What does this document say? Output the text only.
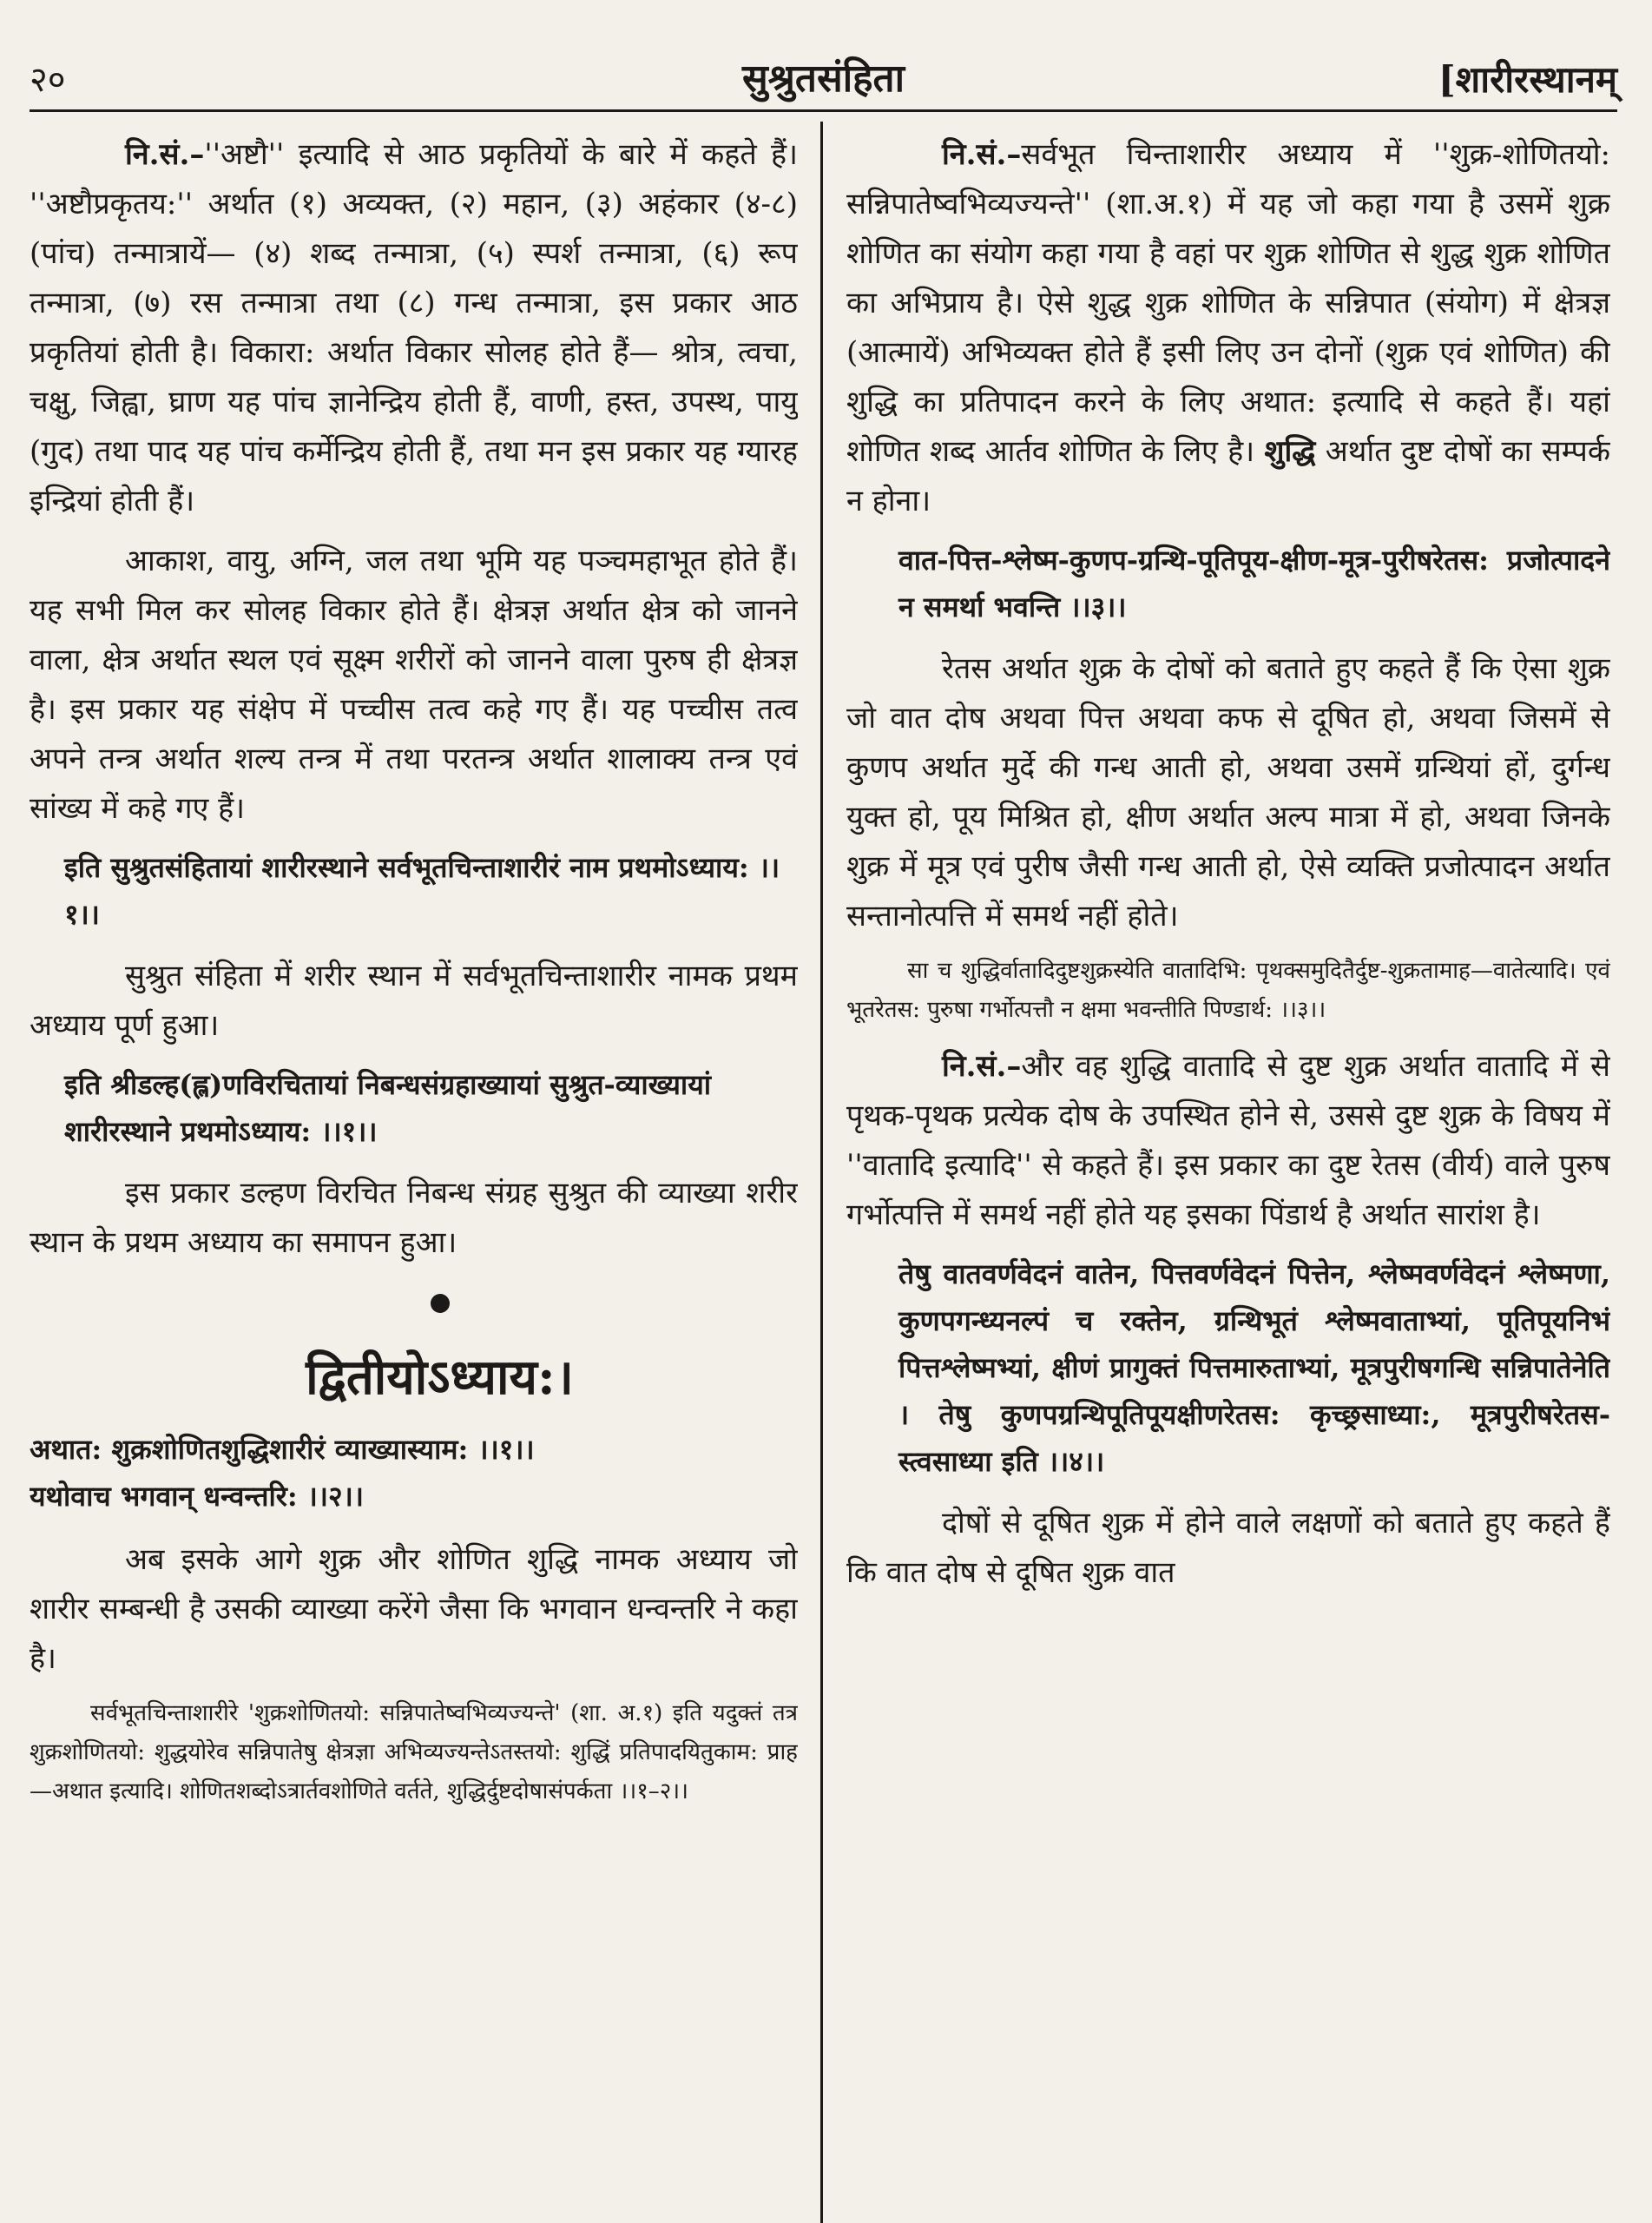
२०	सुश्रुतसंहिता	[शारीरस्थानम्

नि.सं.–''अष्टौ'' इत्यादि से आठ प्रकृतियों के बारे में कहते हैं। ''अष्टौप्रकृतय:'' अर्थात (१) अव्यक्त, (२) महान, (३) अहंकार (४-८) (पांच) तन्मात्रायें— (४) शब्द तन्मात्रा, (५) स्पर्श तन्मात्रा, (६) रूप तन्मात्रा, (७) रस तन्मात्रा तथा (८) गन्ध तन्मात्रा, इस प्रकार आठ प्रकृतियां होती है। विकारा: अर्थात विकार सोलह होते हैं— श्रोत्र, त्वचा, चक्षु, जिह्वा, घ्राण यह पांच ज्ञानेन्द्रिय होती हैं, वाणी, हस्त, उपस्थ, पायु (गुद) तथा पाद यह पांच कर्मेन्द्रिय होती हैं, तथा मन इस प्रकार यह ग्यारह इन्द्रियां होती हैं।

आकाश, वायु, अग्नि, जल तथा भूमि यह पञ्चमहाभूत होते हैं। यह सभी मिल कर सोलह विकार होते हैं। क्षेत्रज्ञ अर्थात क्षेत्र को जानने वाला, क्षेत्र अर्थात स्थल एवं सूक्ष्म शरीरों को जानने वाला पुरुष ही क्षेत्रज्ञ है। इस प्रकार यह संक्षेप में पच्चीस तत्व कहे गए हैं। यह पच्चीस तत्व अपने तन्त्र अर्थात शल्य तन्त्र में तथा परतन्त्र अर्थात शालाक्य तन्त्र एवं सांख्य में कहे गए हैं।

इति सुश्रुतसंहितायां शारीरस्थाने सर्वभूतचिन्ताशारीरं नाम प्रथमोऽध्याय: ।।१।।

सुश्रुत संहिता में शरीर स्थान में सर्वभूतचिन्ताशारीर नामक प्रथम अध्याय पूर्ण हुआ।

इति श्रीडल्ह(ह्ल)णविरचितायां निबन्धसंग्रहाख्यायां सुश्रुत-व्याख्यायां शारीरस्थाने प्रथमोऽध्याय: ।।१।।

इस प्रकार डल्हण विरचित निबन्ध संग्रह सुश्रुत की व्याख्या शरीर स्थान के प्रथम अध्याय का समापन हुआ।

द्वितीयोऽध्याय:।
अथात: शुक्रशोणितशुद्धिशारीरं व्याख्यास्याम: ।।१।।
यथोवाच भगवान् धन्वन्तरि: ।।२।।

अब इसके आगे शुक्र और शोणित शुद्धि नामक अध्याय जो शारीर सम्बन्धी है उसकी व्याख्या करेंगे जैसा कि भगवान धन्वन्तरि ने कहा है।

सर्वभूतचिन्ताशारीरे 'शुक्रशोणितयो: सन्निपातेष्वभिव्यज्यन्ते' (शा. अ.१) इति यदुक्तं तत्र शुक्रशोणितयो: शुद्धयोरेव सन्निपातेषु क्षेत्रज्ञा अभिव्यज्यन्तेऽतस्तयो: शुद्धिं प्रतिपादयितुकाम: प्राह—अथात इत्यादि। शोणितशब्दोऽत्रार्तवशोणिते वर्तते, शुद्धिर्दुष्टदोषासंपर्कता ।।१–२।।

नि.सं.–सर्वभूत चिन्ताशारीर अध्याय में ''शुक्र-शोणितयो: सन्निपातेष्वभिव्यज्यन्ते'' (शा.अ.१) में यह जो कहा गया है उसमें शुक्र शोणित का संयोग कहा गया है वहां पर शुक्र शोणित से शुद्ध शुक्र शोणित का अभिप्राय है। ऐसे शुद्ध शुक्र शोणित के सन्निपात (संयोग) में क्षेत्रज्ञ (आत्मायें) अभिव्यक्त होते हैं इसी लिए उन दोनों (शुक्र एवं शोणित) की शुद्धि का प्रतिपादन करने के लिए अथात: इत्यादि से कहते हैं। यहां शोणित शब्द आर्तव शोणित के लिए है। शुद्धि अर्थात दुष्ट दोषों का सम्पर्क न होना।

वात-पित्त-श्लेष्म-कुणप-ग्रन्थि-पूतिपूय-क्षीण-मूत्र-पुरीषरेतस: प्रजोत्पादने न समर्था भवन्ति ।।३।।

रेतस अर्थात शुक्र के दोषों को बताते हुए कहते हैं कि ऐसा शुक्र जो वात दोष अथवा पित्त अथवा कफ से दूषित हो, अथवा जिसमें से कुणप अर्थात मुर्दे की गन्ध आती हो, अथवा उसमें ग्रन्थियां हों, दुर्गन्ध युक्त हो, पूय मिश्रित हो, क्षीण अर्थात अल्प मात्रा में हो, अथवा जिनके शुक्र में मूत्र एवं पुरीष जैसी गन्ध आती हो, ऐसे व्यक्ति प्रजोत्पादन अर्थात सन्तानोत्पत्ति में समर्थ नहीं होते।

सा च शुद्धिर्वातादिदुष्टशुक्रस्येति वातादिभि: पृथक्समुदितैर्दुष्ट-शुक्रतामाह—वातेत्यादि। एवं भूतरेतस: पुरुषा गर्भोत्पत्तौ न क्षमा भवन्तीति पिण्डार्थ: ।।३।।

नि.सं.–और वह शुद्धि वातादि से दुष्ट शुक्र अर्थात वातादि में से पृथक-पृथक प्रत्येक दोष के उपस्थित होने से, उससे दुष्ट शुक्र के विषय में ''वातादि इत्यादि'' से कहते हैं। इस प्रकार का दुष्ट रेतस (वीर्य) वाले पुरुष गर्भोत्पत्ति में समर्थ नहीं होते यह इसका पिंडार्थ है अर्थात सारांश है।

तेषु वातवर्णवेदनं वातेन, पित्तवर्णवेदनं पित्तेन, श्लेष्मवर्णवेदनं श्लेष्मणा, कुणपगन्ध्यनल्पं च रक्तेन, ग्रन्थिभूतं श्लेष्मवाताभ्यां, पूतिपूयनिभं पित्तश्लेष्मभ्यां, क्षीणं प्रागुक्तं पित्तमारुताभ्यां, मूत्रपुरीषगन्धि सन्निपातेनेति । तेषु कुणपग्रन्थिपूतिपूयक्षीणरेतस: कृच्छ्रसाध्या:, मूत्रपुरीषरेतस-स्त्वसाध्या इति ।।४।।

दोषों से दूषित शुक्र में होने वाले लक्षणों को बताते हुए कहते हैं कि वात दोष से दूषित शुक्र वात
